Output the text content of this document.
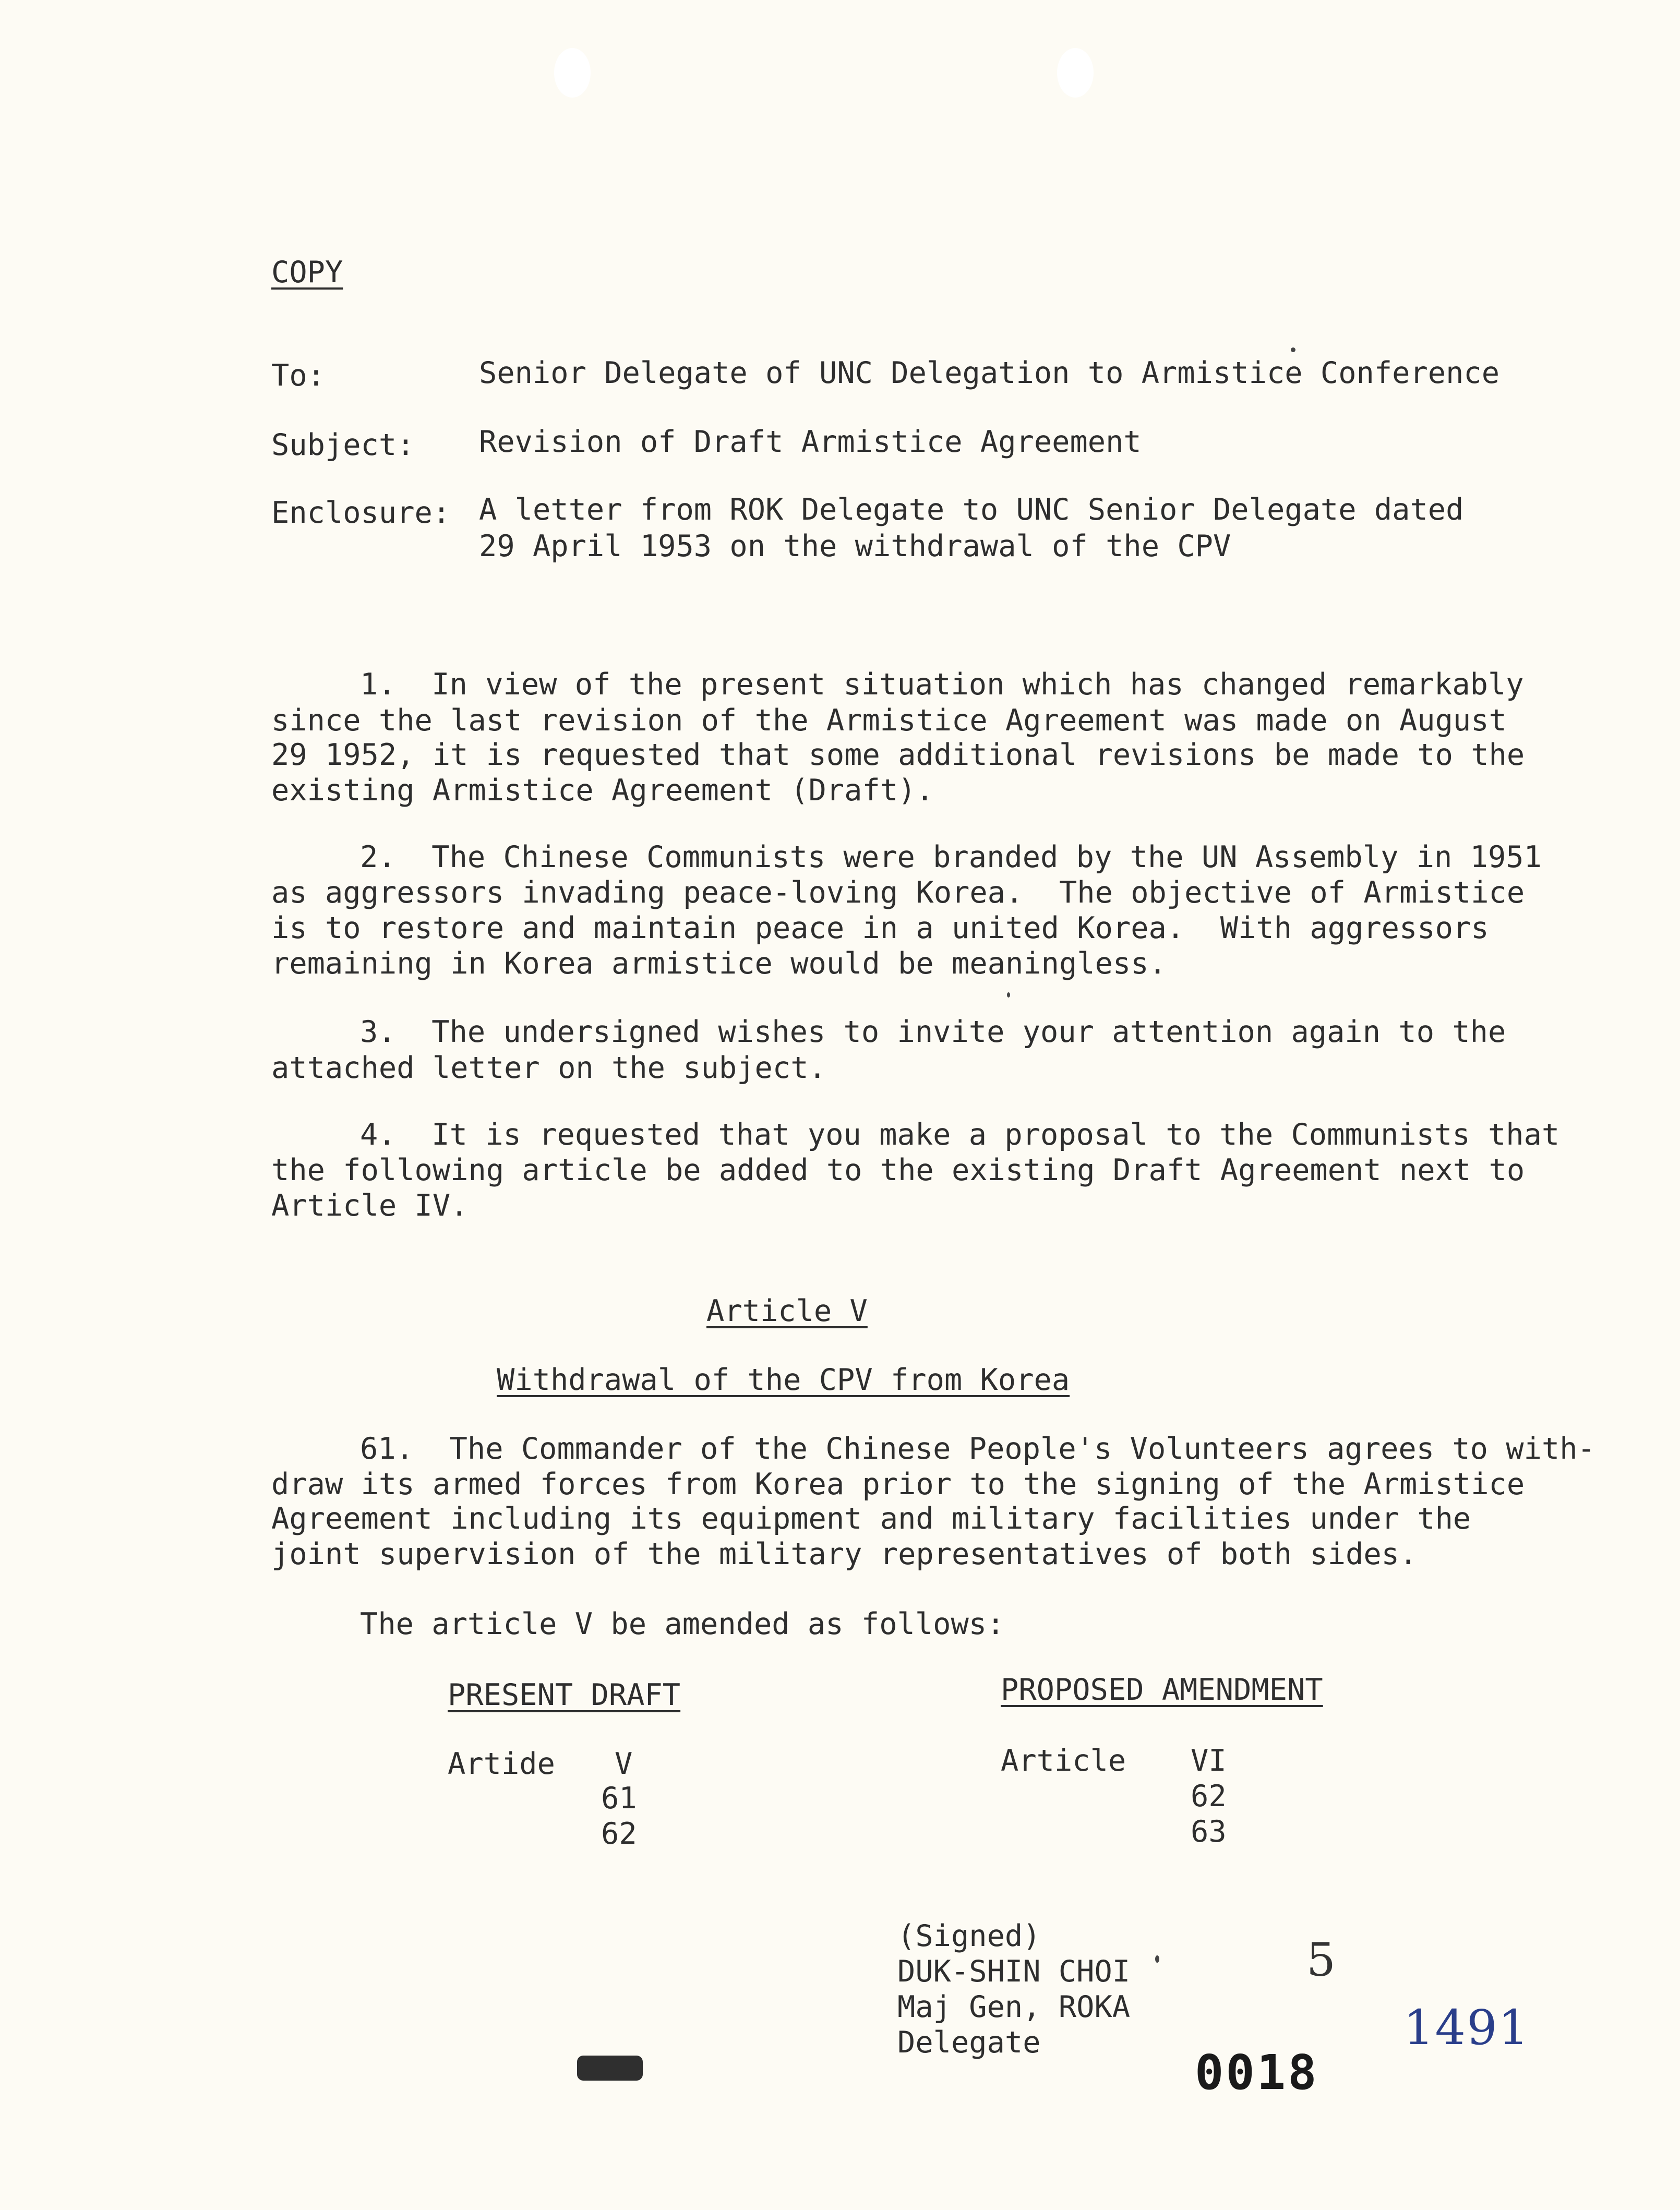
COPY
To:	Senior Delegate of UNC Delegation to Armistice Conference
Subject: Revision of Draft Armistice Agreement
Enclosure: A letter from ROK Delegate to UNC Senior Delegate dated
29 April 1953 on the withdrawal of the CPV
1.  In view of the present situation which has changed remarkably
since the last revision of the Armistice Agreement was made on August
29 1952, it is requested that some additional revisions be made to the
existing Armistice Agreement (Draft).
2.  The Chinese Communists were branded by the UN Assembly in 1951
as aggressors invading peace-loving Korea.  The objective of Armistice
is to restore and maintain peace in a united Korea.  With aggressors
remaining in Korea armistice would be meaningless.
3.  The undersigned wishes to invite your attention again to the
attached letter on the subject.
4.  It is requested that you make a proposal to the Communists that
the following article be added to the existing Draft Agreement next to
Article IV.
Article V
Withdrawal of the CPV from Korea
61.  The Commander of the Chinese People's Volunteers agrees to with-
draw its armed forces from Korea prior to the signing of the Armistice
Agreement including its equipment and military facilities under the
joint supervision of the military representatives of both sides.
The article V be amended as follows:
PRESENT DRAFT	PROPOSED AMENDMENT
Artide V
61
62
Article VI
62
63
(Signed)
DUK-SHIN CHOI
Maj Gen, ROKA
Delegate
5
1491
0018
